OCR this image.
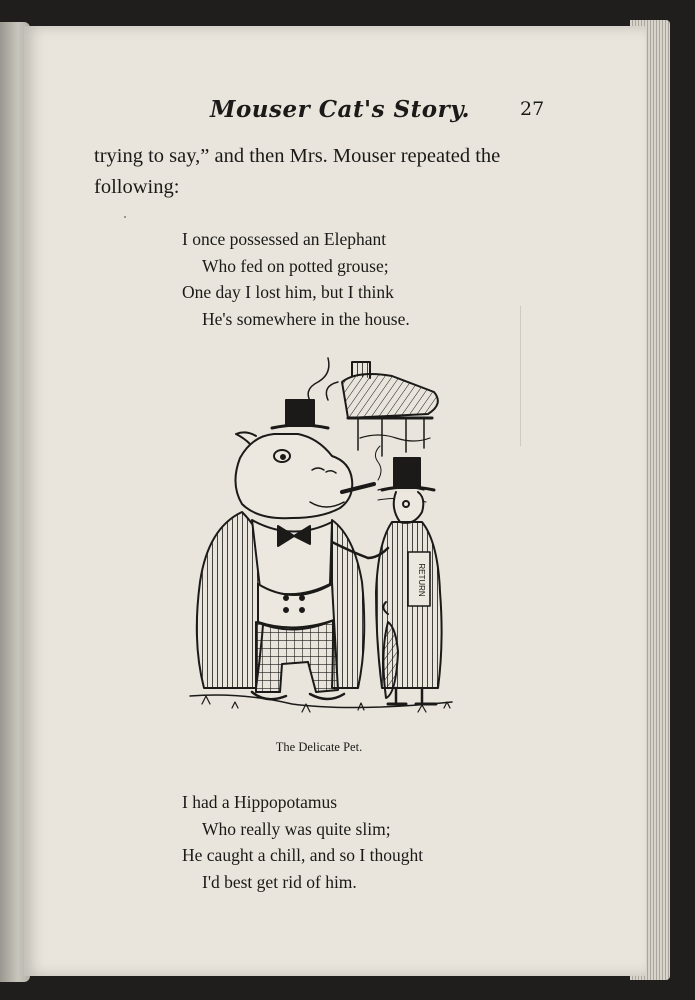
Mouser Cat's Story.	27
trying to say,” and then Mrs. Mouser repeated the
following:
I once possessed an Elephant
Who fed on potted grouse;
One day I lost him, but I think
He's somewhere in the house.
RETURN
The Delicate Pet.
I had a Hippopotamus
Who really was quite slim;
He caught a chill, and so I thought
I'd best get rid of him.
